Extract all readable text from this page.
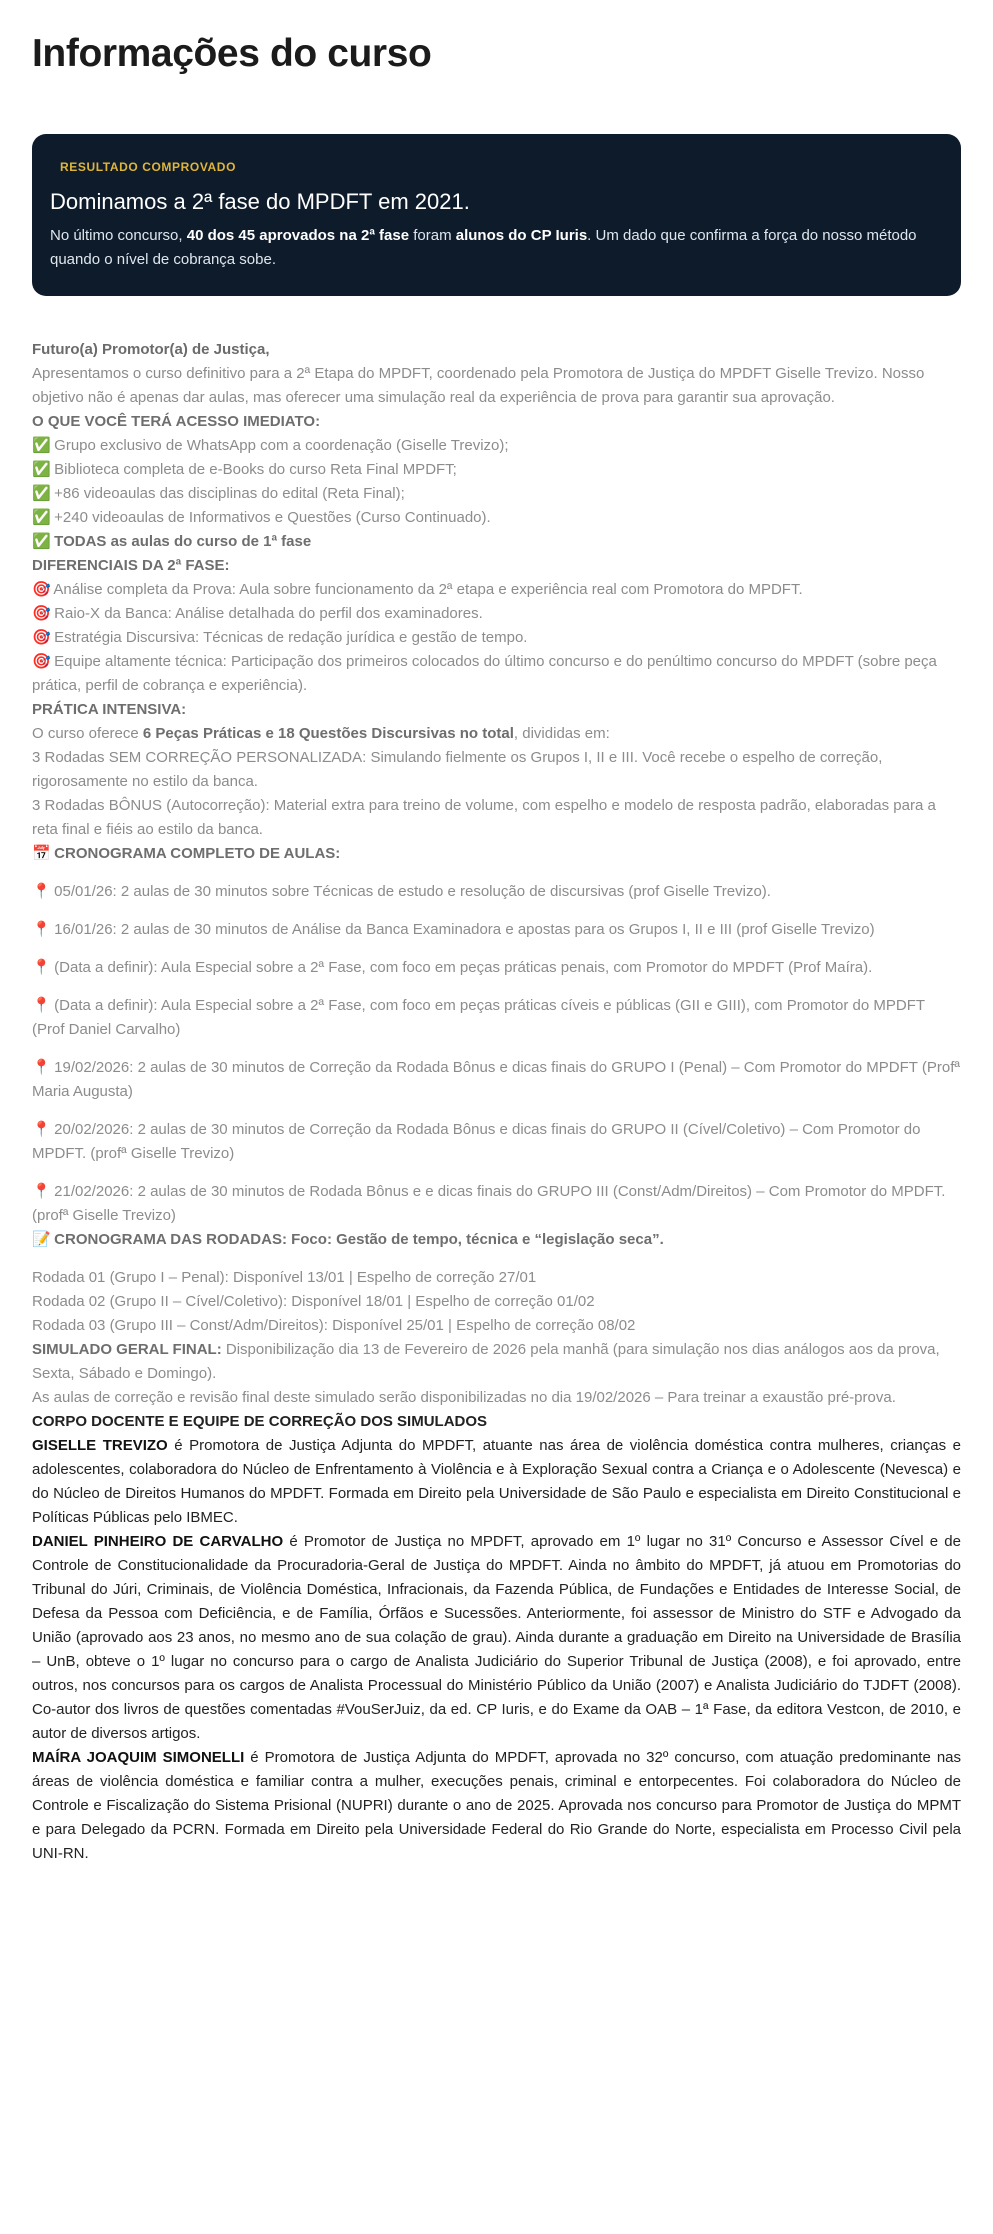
Informações do curso
RESULTADO COMPROVADO
Dominamos a 2ª fase do MPDFT em 2021.
No último concurso, 40 dos 45 aprovados na 2ª fase foram alunos do CP Iuris. Um dado que confirma a força do nosso método quando o nível de cobrança sobe.

Futuro(a) Promotor(a) de Justiça,

Apresentamos o curso definitivo para a 2ª Etapa do MPDFT, coordenado pela Promotora de Justiça do MPDFT Giselle Trevizo. Nosso objetivo não é apenas dar aulas, mas oferecer uma simulação real da experiência de prova para garantir sua aprovação.

O QUE VOCÊ TERÁ ACESSO IMEDIATO:

✅ Grupo exclusivo de WhatsApp com a coordenação (Giselle Trevizo);

✅ Biblioteca completa de e-Books do curso Reta Final MPDFT;

✅ +86 videoaulas das disciplinas do edital (Reta Final);

✅ +240 videoaulas de Informativos e Questões (Curso Continuado).

✅ TODAS as aulas do curso de 1ª fase

DIFERENCIAIS DA 2ª FASE:

🎯 Análise completa da Prova: Aula sobre funcionamento da 2ª etapa e experiência real com Promotora do MPDFT.

🎯 Raio-X da Banca: Análise detalhada do perfil dos examinadores.

🎯 Estratégia Discursiva: Técnicas de redação jurídica e gestão de tempo.

🎯 Equipe altamente técnica: Participação dos primeiros colocados do último concurso e do penúltimo concurso do MPDFT (sobre peça prática, perfil de cobrança e experiência).

PRÁTICA INTENSIVA:

O curso oferece 6 Peças Práticas e 18 Questões Discursivas no total, divididas em:

3 Rodadas SEM CORREÇÃO PERSONALIZADA: Simulando fielmente os Grupos I, II e III. Você recebe o espelho de correção, rigorosamente no estilo da banca.

3 Rodadas BÔNUS (Autocorreção): Material extra para treino de volume, com espelho e modelo de resposta padrão, elaboradas para a reta final e fiéis ao estilo da banca.

📅 CRONOGRAMA COMPLETO DE AULAS:

📍 05/01/26: 2 aulas de 30 minutos sobre Técnicas de estudo e resolução de discursivas (prof Giselle Trevizo).

📍 16/01/26: 2 aulas de 30 minutos de Análise da Banca Examinadora e apostas para os Grupos I, II e III (prof Giselle Trevizo)

📍 (Data a definir): Aula Especial sobre a 2ª Fase, com foco em peças práticas penais, com Promotor do MPDFT (Prof Maíra).

📍 (Data a definir): Aula Especial sobre a 2ª Fase, com foco em peças práticas cíveis e públicas (GII e GIII), com Promotor do MPDFT (Prof Daniel Carvalho)

📍 19/02/2026: 2 aulas de 30 minutos de Correção da Rodada Bônus e dicas finais do GRUPO I (Penal) – Com Promotor do MPDFT (Profª Maria Augusta)

📍 20/02/2026: 2 aulas de 30 minutos de Correção da Rodada Bônus e dicas finais do GRUPO II (Cível/Coletivo) – Com Promotor do MPDFT. (profª Giselle Trevizo)

📍 21/02/2026: 2 aulas de 30 minutos de Rodada Bônus e e dicas finais do GRUPO III (Const/Adm/Direitos) – Com Promotor do MPDFT. (profª Giselle Trevizo)

📝 CRONOGRAMA DAS RODADAS: Foco: Gestão de tempo, técnica e “legislação seca”.

Rodada 01 (Grupo I – Penal): Disponível 13/01 | Espelho de correção 27/01

Rodada 02 (Grupo II – Cível/Coletivo): Disponível 18/01 | Espelho de correção 01/02

Rodada 03 (Grupo III – Const/Adm/Direitos): Disponível 25/01 | Espelho de correção 08/02

SIMULADO GERAL FINAL: Disponibilização dia 13 de Fevereiro de 2026 pela manhã (para simulação nos dias análogos aos da prova, Sexta, Sábado e Domingo).

As aulas de correção e revisão final deste simulado serão disponibilizadas no dia 19/02/2026 – Para treinar a exaustão pré-prova.

CORPO DOCENTE E EQUIPE DE CORREÇÃO DOS SIMULADOS

GISELLE TREVIZO é Promotora de Justiça Adjunta do MPDFT, atuante nas área de violência doméstica contra mulheres, crianças e adolescentes, colaboradora do Núcleo de Enfrentamento à Violência e à Exploração Sexual contra a Criança e o Adolescente (Nevesca) e do Núcleo de Direitos Humanos do MPDFT. Formada em Direito pela Universidade de São Paulo e especialista em Direito Constitucional e Políticas Públicas pelo IBMEC.

DANIEL PINHEIRO DE CARVALHO é Promotor de Justiça no MPDFT, aprovado em 1º lugar no 31º Concurso e Assessor Cível e de Controle de Constitucionalidade da Procuradoria-Geral de Justiça do MPDFT. Ainda no âmbito do MPDFT, já atuou em Promotorias do Tribunal do Júri, Criminais, de Violência Doméstica, Infracionais, da Fazenda Pública, de Fundações e Entidades de Interesse Social, de Defesa da Pessoa com Deficiência, e de Família, Órfãos e Sucessões. Anteriormente, foi assessor de Ministro do STF e Advogado da União (aprovado aos 23 anos, no mesmo ano de sua colação de grau). Ainda durante a graduação em Direito na Universidade de Brasília – UnB, obteve o 1º lugar no concurso para o cargo de Analista Judiciário do Superior Tribunal de Justiça (2008), e foi aprovado, entre outros, nos concursos para os cargos de Analista Processual do Ministério Público da União (2007) e Analista Judiciário do TJDFT (2008). Co-autor dos livros de questões comentadas #VouSerJuiz, da ed. CP Iuris, e do Exame da OAB – 1ª Fase, da editora Vestcon, de 2010, e autor de diversos artigos.

MAÍRA JOAQUIM SIMONELLI é Promotora de Justiça Adjunta do MPDFT, aprovada no 32º concurso, com atuação predominante nas áreas de violência doméstica e familiar contra a mulher, execuções penais, criminal e entorpecentes. Foi colaboradora do Núcleo de Controle e Fiscalização do Sistema Prisional (NUPRI) durante o ano de 2025. Aprovada nos concurso para Promotor de Justiça do MPMT e para Delegado da PCRN. Formada em Direito pela Universidade Federal do Rio Grande do Norte, especialista em Processo Civil pela UNI-RN.
